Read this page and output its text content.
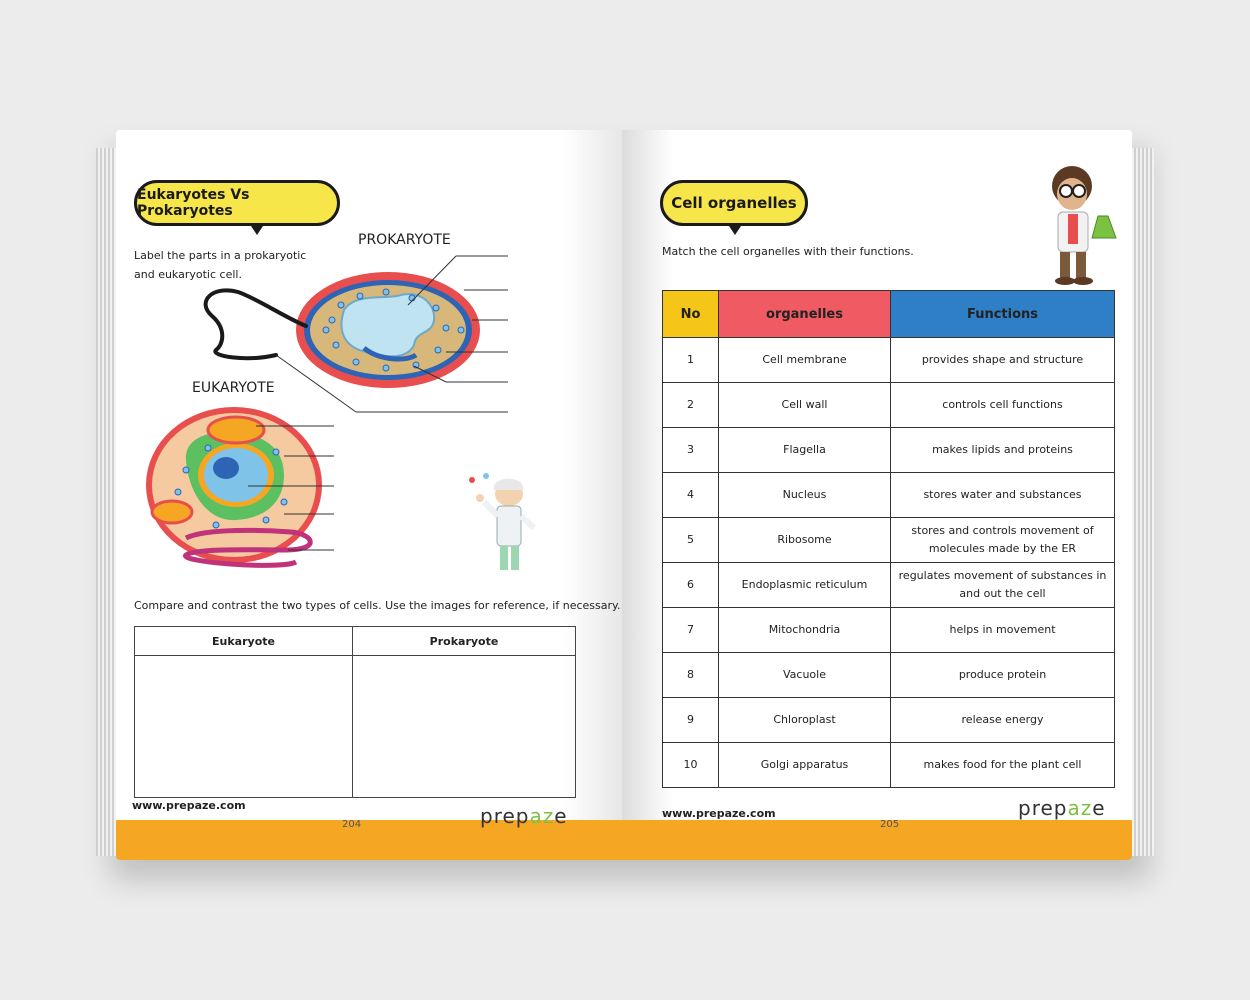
Eukaryotes Vs Prokaryotes
Label the parts in a prokaryotic
and eukaryotic cell.
PROKARYOTE
EUKARYOTE
Compare and contrast the two types of cells. Use the images for reference, if necessary.
Eukaryote	Prokaryote
www.prepaze.com
204	prepaze
Cell organelles
Match the cell organelles with their functions.
No	organelles	Functions
1	Cell membrane	provides shape and structure
2	Cell wall	controls cell functions
3	Flagella	makes lipids and proteins
4	Nucleus	stores water and substances
5	Ribosome	stores and controls movement of molecules made by the ER
6	Endoplasmic reticulum	regulates movement of substances in and out the cell
7	Mitochondria	helps in movement
8	Vacuole	produce protein
9	Chloroplast	release energy
10	Golgi apparatus	makes food for the plant cell
www.prepaze.com
205
prepaze
